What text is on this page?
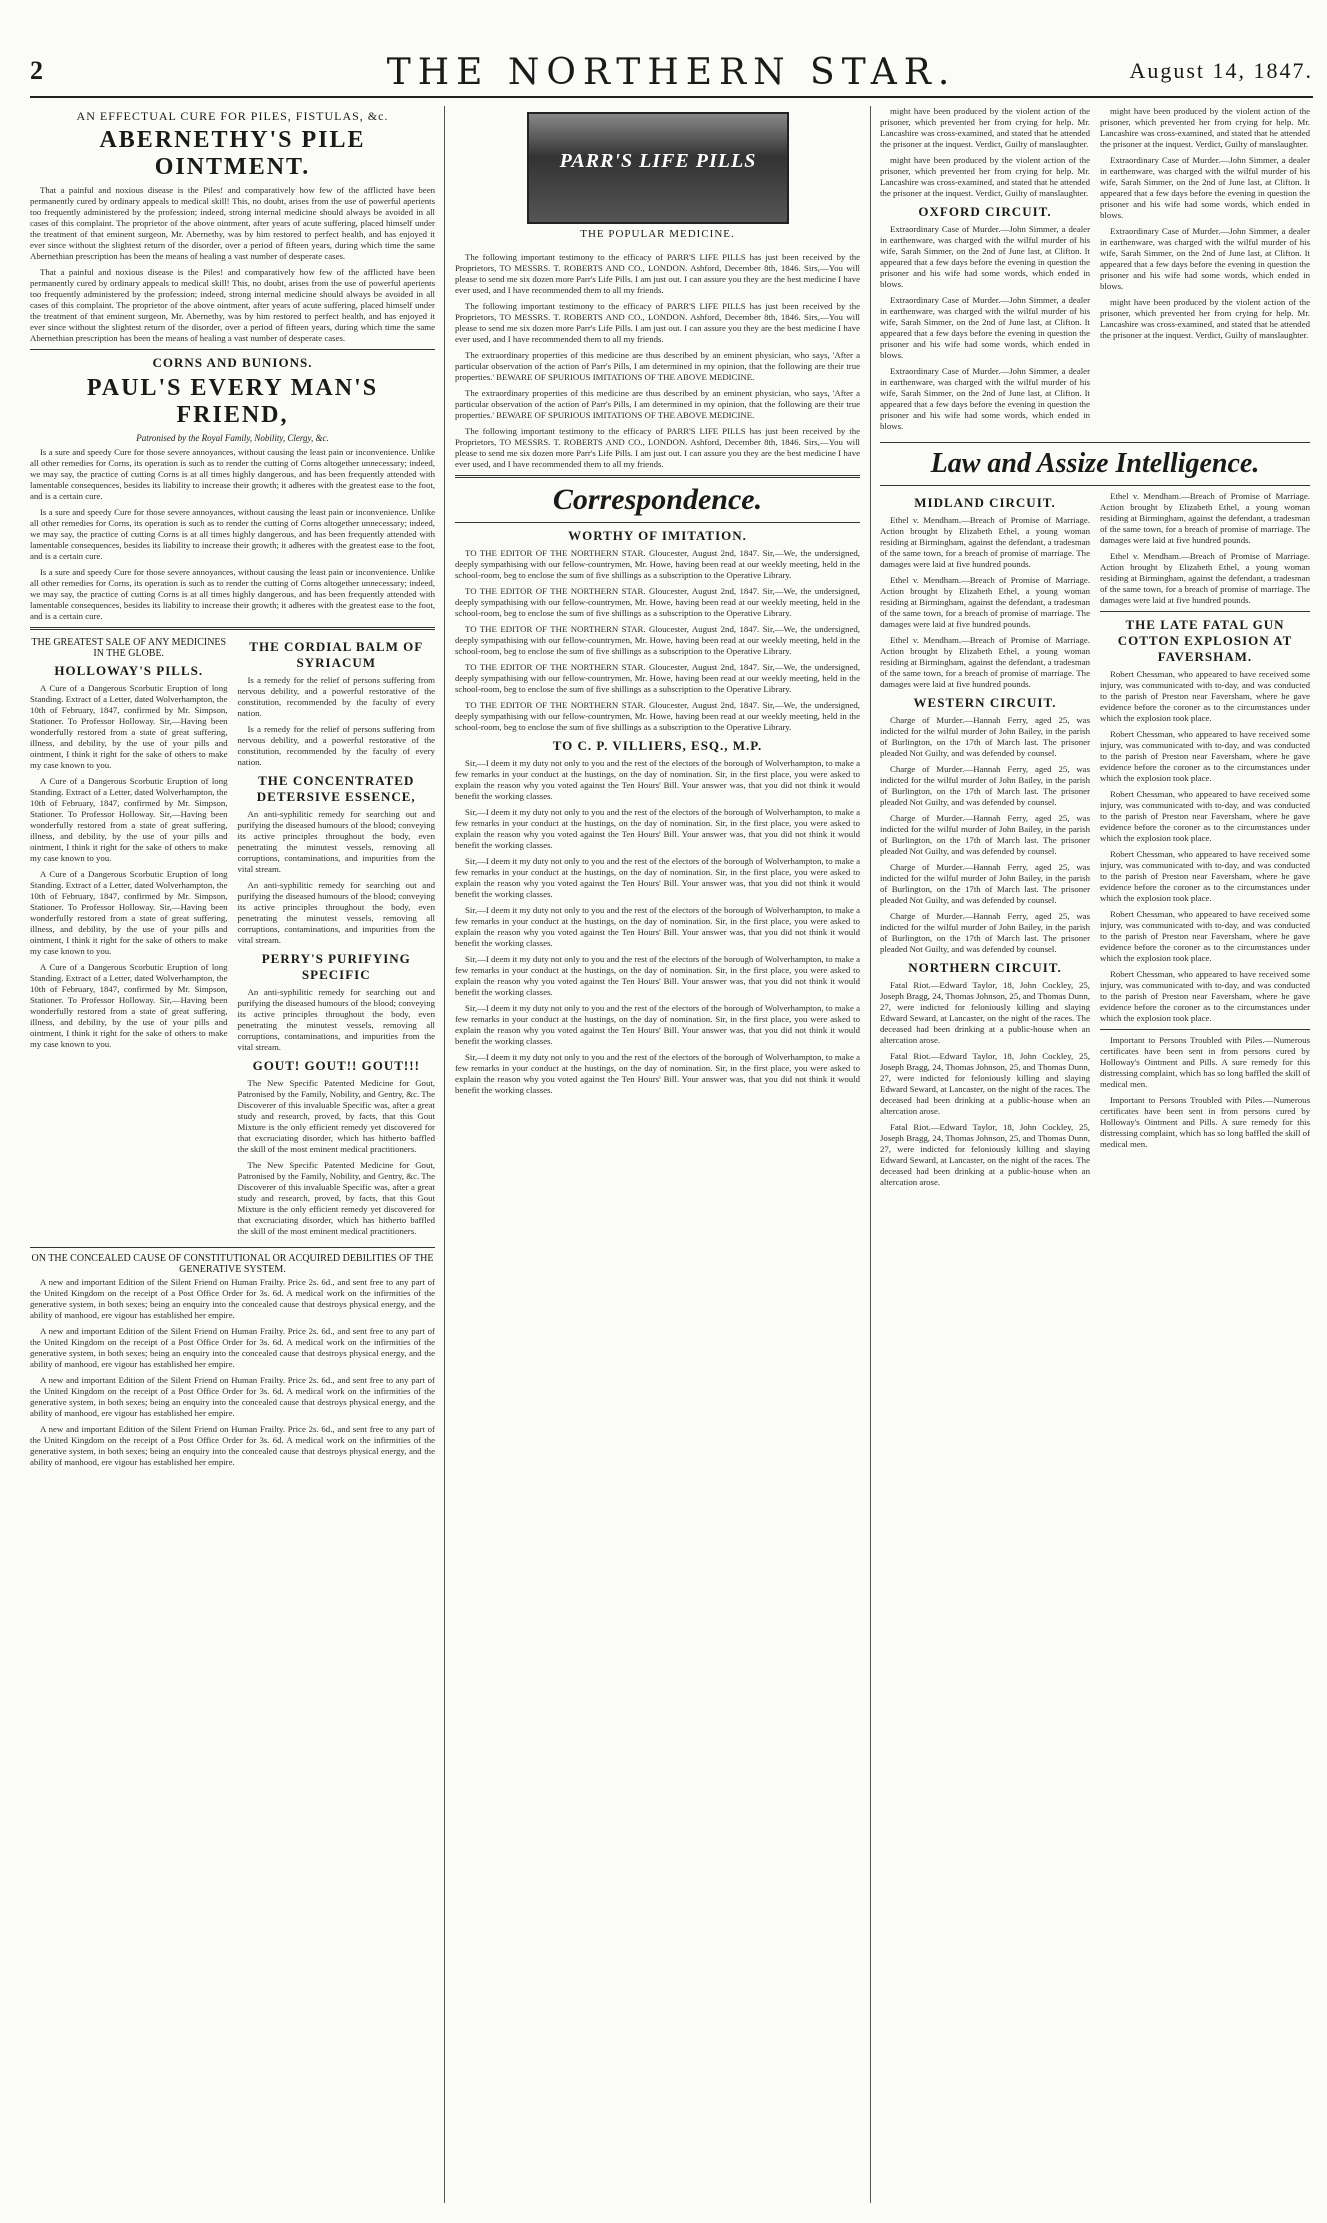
2	THE NORTHERN STAR.	August 14, 1847.
AN EFFECTUAL CURE FOR PILES, FISTULAS, &c.
ABERNETHY'S PILE OINTMENT.

That a painful and noxious disease is the Piles! and comparatively how few of the afflicted have been permanently cured by ordinary appeals to medical skill! This, no doubt, arises from the use of powerful aperients too frequently administered by the profession; indeed, strong internal medicine should always be avoided in all cases of this complaint. The proprietor of the above ointment, after years of acute suffering, placed himself under the treatment of that eminent surgeon, Mr. Abernethy, was by him restored to perfect health, and has enjoyed it ever since without the slightest return of the disorder, over a period of fifteen years, during which time the same Abernethian prescription has been the means of healing a vast number of desperate cases.

That a painful and noxious disease is the Piles! and comparatively how few of the afflicted have been permanently cured by ordinary appeals to medical skill! This, no doubt, arises from the use of powerful aperients too frequently administered by the profession; indeed, strong internal medicine should always be avoided in all cases of this complaint. The proprietor of the above ointment, after years of acute suffering, placed himself under the treatment of that eminent surgeon, Mr. Abernethy, was by him restored to perfect health, and has enjoyed it ever since without the slightest return of the disorder, over a period of fifteen years, during which time the same Abernethian prescription has been the means of healing a vast number of desperate cases.

CORNS AND BUNIONS.
PAUL'S EVERY MAN'S FRIEND,
Patronised by the Royal Family, Nobility, Clergy, &c.

Is a sure and speedy Cure for those severe annoyances, without causing the least pain or inconvenience. Unlike all other remedies for Corns, its operation is such as to render the cutting of Corns altogether unnecessary; indeed, we may say, the practice of cutting Corns is at all times highly dangerous, and has been frequently attended with lamentable consequences, besides its liability to increase their growth; it adheres with the greatest ease to the foot, and is a certain cure.

Is a sure and speedy Cure for those severe annoyances, without causing the least pain or inconvenience. Unlike all other remedies for Corns, its operation is such as to render the cutting of Corns altogether unnecessary; indeed, we may say, the practice of cutting Corns is at all times highly dangerous, and has been frequently attended with lamentable consequences, besides its liability to increase their growth; it adheres with the greatest ease to the foot, and is a certain cure.

Is a sure and speedy Cure for those severe annoyances, without causing the least pain or inconvenience. Unlike all other remedies for Corns, its operation is such as to render the cutting of Corns altogether unnecessary; indeed, we may say, the practice of cutting Corns is at all times highly dangerous, and has been frequently attended with lamentable consequences, besides its liability to increase their growth; it adheres with the greatest ease to the foot, and is a certain cure.

THE GREATEST SALE OF ANY MEDICINES IN THE GLOBE.
HOLLOWAY'S PILLS.

A Cure of a Dangerous Scorbutic Eruption of long Standing. Extract of a Letter, dated Wolverhampton, the 10th of February, 1847, confirmed by Mr. Simpson, Stationer. To Professor Holloway. Sir,—Having been wonderfully restored from a state of great suffering, illness, and debility, by the use of your pills and ointment, I think it right for the sake of others to make my case known to you.

A Cure of a Dangerous Scorbutic Eruption of long Standing. Extract of a Letter, dated Wolverhampton, the 10th of February, 1847, confirmed by Mr. Simpson, Stationer. To Professor Holloway. Sir,—Having been wonderfully restored from a state of great suffering, illness, and debility, by the use of your pills and ointment, I think it right for the sake of others to make my case known to you.

A Cure of a Dangerous Scorbutic Eruption of long Standing. Extract of a Letter, dated Wolverhampton, the 10th of February, 1847, confirmed by Mr. Simpson, Stationer. To Professor Holloway. Sir,—Having been wonderfully restored from a state of great suffering, illness, and debility, by the use of your pills and ointment, I think it right for the sake of others to make my case known to you.

A Cure of a Dangerous Scorbutic Eruption of long Standing. Extract of a Letter, dated Wolverhampton, the 10th of February, 1847, confirmed by Mr. Simpson, Stationer. To Professor Holloway. Sir,—Having been wonderfully restored from a state of great suffering, illness, and debility, by the use of your pills and ointment, I think it right for the sake of others to make my case known to you.

THE CORDIAL BALM OF SYRIACUM

Is a remedy for the relief of persons suffering from nervous debility, and a powerful restorative of the constitution, recommended by the faculty of every nation.

Is a remedy for the relief of persons suffering from nervous debility, and a powerful restorative of the constitution, recommended by the faculty of every nation.

THE CONCENTRATED DETERSIVE ESSENCE,

An anti-syphilitic remedy for searching out and purifying the diseased humours of the blood; conveying its active principles throughout the body, even penetrating the minutest vessels, removing all corruptions, contaminations, and impurities from the vital stream.

An anti-syphilitic remedy for searching out and purifying the diseased humours of the blood; conveying its active principles throughout the body, even penetrating the minutest vessels, removing all corruptions, contaminations, and impurities from the vital stream.

PERRY'S PURIFYING SPECIFIC

An anti-syphilitic remedy for searching out and purifying the diseased humours of the blood; conveying its active principles throughout the body, even penetrating the minutest vessels, removing all corruptions, contaminations, and impurities from the vital stream.

GOUT! GOUT!! GOUT!!!

The New Specific Patented Medicine for Gout, Patronised by the Family, Nobility, and Gentry, &c. The Discoverer of this invaluable Specific was, after a great study and research, proved, by facts, that this Gout Mixture is the only efficient remedy yet discovered for that excruciating disorder, which has hitherto baffled the skill of the most eminent medical practitioners.

The New Specific Patented Medicine for Gout, Patronised by the Family, Nobility, and Gentry, &c. The Discoverer of this invaluable Specific was, after a great study and research, proved, by facts, that this Gout Mixture is the only efficient remedy yet discovered for that excruciating disorder, which has hitherto baffled the skill of the most eminent medical practitioners.

ON THE CONCEALED CAUSE OF CONSTITUTIONAL OR ACQUIRED DEBILITIES OF THE GENERATIVE SYSTEM.

A new and important Edition of the Silent Friend on Human Frailty. Price 2s. 6d., and sent free to any part of the United Kingdom on the receipt of a Post Office Order for 3s. 6d. A medical work on the infirmities of the generative system, in both sexes; being an enquiry into the concealed cause that destroys physical energy, and the ability of manhood, ere vigour has established her empire.

A new and important Edition of the Silent Friend on Human Frailty. Price 2s. 6d., and sent free to any part of the United Kingdom on the receipt of a Post Office Order for 3s. 6d. A medical work on the infirmities of the generative system, in both sexes; being an enquiry into the concealed cause that destroys physical energy, and the ability of manhood, ere vigour has established her empire.

A new and important Edition of the Silent Friend on Human Frailty. Price 2s. 6d., and sent free to any part of the United Kingdom on the receipt of a Post Office Order for 3s. 6d. A medical work on the infirmities of the generative system, in both sexes; being an enquiry into the concealed cause that destroys physical energy, and the ability of manhood, ere vigour has established her empire.

A new and important Edition of the Silent Friend on Human Frailty. Price 2s. 6d., and sent free to any part of the United Kingdom on the receipt of a Post Office Order for 3s. 6d. A medical work on the infirmities of the generative system, in both sexes; being an enquiry into the concealed cause that destroys physical energy, and the ability of manhood, ere vigour has established her empire.

PARR'S LIFE PILLS
THE POPULAR MEDICINE.

The following important testimony to the efficacy of PARR'S LIFE PILLS has just been received by the Proprietors, TO MESSRS. T. ROBERTS AND CO., LONDON. Ashford, December 8th, 1846. Sirs,—You will please to send me six dozen more Parr's Life Pills. I am just out. I can assure you they are the best medicine I have ever used, and I have recommended them to all my friends.

The following important testimony to the efficacy of PARR'S LIFE PILLS has just been received by the Proprietors, TO MESSRS. T. ROBERTS AND CO., LONDON. Ashford, December 8th, 1846. Sirs,—You will please to send me six dozen more Parr's Life Pills. I am just out. I can assure you they are the best medicine I have ever used, and I have recommended them to all my friends.

The extraordinary properties of this medicine are thus described by an eminent physician, who says, 'After a particular observation of the action of Parr's Pills, I am determined in my opinion, that the following are their true properties.' BEWARE OF SPURIOUS IMITATIONS OF THE ABOVE MEDICINE.

The extraordinary properties of this medicine are thus described by an eminent physician, who says, 'After a particular observation of the action of Parr's Pills, I am determined in my opinion, that the following are their true properties.' BEWARE OF SPURIOUS IMITATIONS OF THE ABOVE MEDICINE.

The following important testimony to the efficacy of PARR'S LIFE PILLS has just been received by the Proprietors, TO MESSRS. T. ROBERTS AND CO., LONDON. Ashford, December 8th, 1846. Sirs,—You will please to send me six dozen more Parr's Life Pills. I am just out. I can assure you they are the best medicine I have ever used, and I have recommended them to all my friends.

Correspondence.
WORTHY OF IMITATION.

TO THE EDITOR OF THE NORTHERN STAR. Gloucester, August 2nd, 1847. Sir,—We, the undersigned, deeply sympathising with our fellow-countrymen, Mr. Howe, having been read at our weekly meeting, held in the school-room, beg to enclose the sum of five shillings as a subscription to the Operative Library.

TO THE EDITOR OF THE NORTHERN STAR. Gloucester, August 2nd, 1847. Sir,—We, the undersigned, deeply sympathising with our fellow-countrymen, Mr. Howe, having been read at our weekly meeting, held in the school-room, beg to enclose the sum of five shillings as a subscription to the Operative Library.

TO THE EDITOR OF THE NORTHERN STAR. Gloucester, August 2nd, 1847. Sir,—We, the undersigned, deeply sympathising with our fellow-countrymen, Mr. Howe, having been read at our weekly meeting, held in the school-room, beg to enclose the sum of five shillings as a subscription to the Operative Library.

TO THE EDITOR OF THE NORTHERN STAR. Gloucester, August 2nd, 1847. Sir,—We, the undersigned, deeply sympathising with our fellow-countrymen, Mr. Howe, having been read at our weekly meeting, held in the school-room, beg to enclose the sum of five shillings as a subscription to the Operative Library.

TO THE EDITOR OF THE NORTHERN STAR. Gloucester, August 2nd, 1847. Sir,—We, the undersigned, deeply sympathising with our fellow-countrymen, Mr. Howe, having been read at our weekly meeting, held in the school-room, beg to enclose the sum of five shillings as a subscription to the Operative Library.

TO C. P. VILLIERS, ESQ., M.P.

Sir,—I deem it my duty not only to you and the rest of the electors of the borough of Wolverhampton, to make a few remarks in your conduct at the hustings, on the day of nomination. Sir, in the first place, you were asked to explain the reason why you voted against the Ten Hours' Bill. Your answer was, that you did not think it would benefit the working classes.

Sir,—I deem it my duty not only to you and the rest of the electors of the borough of Wolverhampton, to make a few remarks in your conduct at the hustings, on the day of nomination. Sir, in the first place, you were asked to explain the reason why you voted against the Ten Hours' Bill. Your answer was, that you did not think it would benefit the working classes.

Sir,—I deem it my duty not only to you and the rest of the electors of the borough of Wolverhampton, to make a few remarks in your conduct at the hustings, on the day of nomination. Sir, in the first place, you were asked to explain the reason why you voted against the Ten Hours' Bill. Your answer was, that you did not think it would benefit the working classes.

Sir,—I deem it my duty not only to you and the rest of the electors of the borough of Wolverhampton, to make a few remarks in your conduct at the hustings, on the day of nomination. Sir, in the first place, you were asked to explain the reason why you voted against the Ten Hours' Bill. Your answer was, that you did not think it would benefit the working classes.

Sir,—I deem it my duty not only to you and the rest of the electors of the borough of Wolverhampton, to make a few remarks in your conduct at the hustings, on the day of nomination. Sir, in the first place, you were asked to explain the reason why you voted against the Ten Hours' Bill. Your answer was, that you did not think it would benefit the working classes.

Sir,—I deem it my duty not only to you and the rest of the electors of the borough of Wolverhampton, to make a few remarks in your conduct at the hustings, on the day of nomination. Sir, in the first place, you were asked to explain the reason why you voted against the Ten Hours' Bill. Your answer was, that you did not think it would benefit the working classes.

Sir,—I deem it my duty not only to you and the rest of the electors of the borough of Wolverhampton, to make a few remarks in your conduct at the hustings, on the day of nomination. Sir, in the first place, you were asked to explain the reason why you voted against the Ten Hours' Bill. Your answer was, that you did not think it would benefit the working classes.

might have been produced by the violent action of the prisoner, which prevented her from crying for help. Mr. Lancashire was cross-examined, and stated that he attended the prisoner at the inquest. Verdict, Guilty of manslaughter.

might have been produced by the violent action of the prisoner, which prevented her from crying for help. Mr. Lancashire was cross-examined, and stated that he attended the prisoner at the inquest. Verdict, Guilty of manslaughter.

OXFORD CIRCUIT.

Extraordinary Case of Murder.—John Simmer, a dealer in earthenware, was charged with the wilful murder of his wife, Sarah Simmer, on the 2nd of June last, at Clifton. It appeared that a few days before the evening in question the prisoner and his wife had some words, which ended in blows.

Extraordinary Case of Murder.—John Simmer, a dealer in earthenware, was charged with the wilful murder of his wife, Sarah Simmer, on the 2nd of June last, at Clifton. It appeared that a few days before the evening in question the prisoner and his wife had some words, which ended in blows.

Extraordinary Case of Murder.—John Simmer, a dealer in earthenware, was charged with the wilful murder of his wife, Sarah Simmer, on the 2nd of June last, at Clifton. It appeared that a few days before the evening in question the prisoner and his wife had some words, which ended in blows.

might have been produced by the violent action of the prisoner, which prevented her from crying for help. Mr. Lancashire was cross-examined, and stated that he attended the prisoner at the inquest. Verdict, Guilty of manslaughter.

Extraordinary Case of Murder.—John Simmer, a dealer in earthenware, was charged with the wilful murder of his wife, Sarah Simmer, on the 2nd of June last, at Clifton. It appeared that a few days before the evening in question the prisoner and his wife had some words, which ended in blows.

Extraordinary Case of Murder.—John Simmer, a dealer in earthenware, was charged with the wilful murder of his wife, Sarah Simmer, on the 2nd of June last, at Clifton. It appeared that a few days before the evening in question the prisoner and his wife had some words, which ended in blows.

might have been produced by the violent action of the prisoner, which prevented her from crying for help. Mr. Lancashire was cross-examined, and stated that he attended the prisoner at the inquest. Verdict, Guilty of manslaughter.

Law and Assize Intelligence.
MIDLAND CIRCUIT.

Ethel v. Mendham.—Breach of Promise of Marriage. Action brought by Elizabeth Ethel, a young woman residing at Birmingham, against the defendant, a tradesman of the same town, for a breach of promise of marriage. The damages were laid at five hundred pounds.

Ethel v. Mendham.—Breach of Promise of Marriage. Action brought by Elizabeth Ethel, a young woman residing at Birmingham, against the defendant, a tradesman of the same town, for a breach of promise of marriage. The damages were laid at five hundred pounds.

Ethel v. Mendham.—Breach of Promise of Marriage. Action brought by Elizabeth Ethel, a young woman residing at Birmingham, against the defendant, a tradesman of the same town, for a breach of promise of marriage. The damages were laid at five hundred pounds.

WESTERN CIRCUIT.

Charge of Murder.—Hannah Ferry, aged 25, was indicted for the wilful murder of John Bailey, in the parish of Burlington, on the 17th of March last. The prisoner pleaded Not Guilty, and was defended by counsel.

Charge of Murder.—Hannah Ferry, aged 25, was indicted for the wilful murder of John Bailey, in the parish of Burlington, on the 17th of March last. The prisoner pleaded Not Guilty, and was defended by counsel.

Charge of Murder.—Hannah Ferry, aged 25, was indicted for the wilful murder of John Bailey, in the parish of Burlington, on the 17th of March last. The prisoner pleaded Not Guilty, and was defended by counsel.

Charge of Murder.—Hannah Ferry, aged 25, was indicted for the wilful murder of John Bailey, in the parish of Burlington, on the 17th of March last. The prisoner pleaded Not Guilty, and was defended by counsel.

Charge of Murder.—Hannah Ferry, aged 25, was indicted for the wilful murder of John Bailey, in the parish of Burlington, on the 17th of March last. The prisoner pleaded Not Guilty, and was defended by counsel.

NORTHERN CIRCUIT.

Fatal Riot.—Edward Taylor, 18, John Cockley, 25, Joseph Bragg, 24, Thomas Johnson, 25, and Thomas Dunn, 27, were indicted for feloniously killing and slaying Edward Seward, at Lancaster, on the night of the races. The deceased had been drinking at a public-house when an altercation arose.

Fatal Riot.—Edward Taylor, 18, John Cockley, 25, Joseph Bragg, 24, Thomas Johnson, 25, and Thomas Dunn, 27, were indicted for feloniously killing and slaying Edward Seward, at Lancaster, on the night of the races. The deceased had been drinking at a public-house when an altercation arose.

Fatal Riot.—Edward Taylor, 18, John Cockley, 25, Joseph Bragg, 24, Thomas Johnson, 25, and Thomas Dunn, 27, were indicted for feloniously killing and slaying Edward Seward, at Lancaster, on the night of the races. The deceased had been drinking at a public-house when an altercation arose.

Ethel v. Mendham.—Breach of Promise of Marriage. Action brought by Elizabeth Ethel, a young woman residing at Birmingham, against the defendant, a tradesman of the same town, for a breach of promise of marriage. The damages were laid at five hundred pounds.

Ethel v. Mendham.—Breach of Promise of Marriage. Action brought by Elizabeth Ethel, a young woman residing at Birmingham, against the defendant, a tradesman of the same town, for a breach of promise of marriage. The damages were laid at five hundred pounds.

THE LATE FATAL GUN COTTON EXPLOSION AT FAVERSHAM.

Robert Chessman, who appeared to have received some injury, was communicated with to-day, and was conducted to the parish of Preston near Faversham, where he gave evidence before the coroner as to the circumstances under which the explosion took place.

Robert Chessman, who appeared to have received some injury, was communicated with to-day, and was conducted to the parish of Preston near Faversham, where he gave evidence before the coroner as to the circumstances under which the explosion took place.

Robert Chessman, who appeared to have received some injury, was communicated with to-day, and was conducted to the parish of Preston near Faversham, where he gave evidence before the coroner as to the circumstances under which the explosion took place.

Robert Chessman, who appeared to have received some injury, was communicated with to-day, and was conducted to the parish of Preston near Faversham, where he gave evidence before the coroner as to the circumstances under which the explosion took place.

Robert Chessman, who appeared to have received some injury, was communicated with to-day, and was conducted to the parish of Preston near Faversham, where he gave evidence before the coroner as to the circumstances under which the explosion took place.

Robert Chessman, who appeared to have received some injury, was communicated with to-day, and was conducted to the parish of Preston near Faversham, where he gave evidence before the coroner as to the circumstances under which the explosion took place.

Important to Persons Troubled with Piles.—Numerous certificates have been sent in from persons cured by Holloway's Ointment and Pills. A sure remedy for this distressing complaint, which has so long baffled the skill of medical men.

Important to Persons Troubled with Piles.—Numerous certificates have been sent in from persons cured by Holloway's Ointment and Pills. A sure remedy for this distressing complaint, which has so long baffled the skill of medical men.
